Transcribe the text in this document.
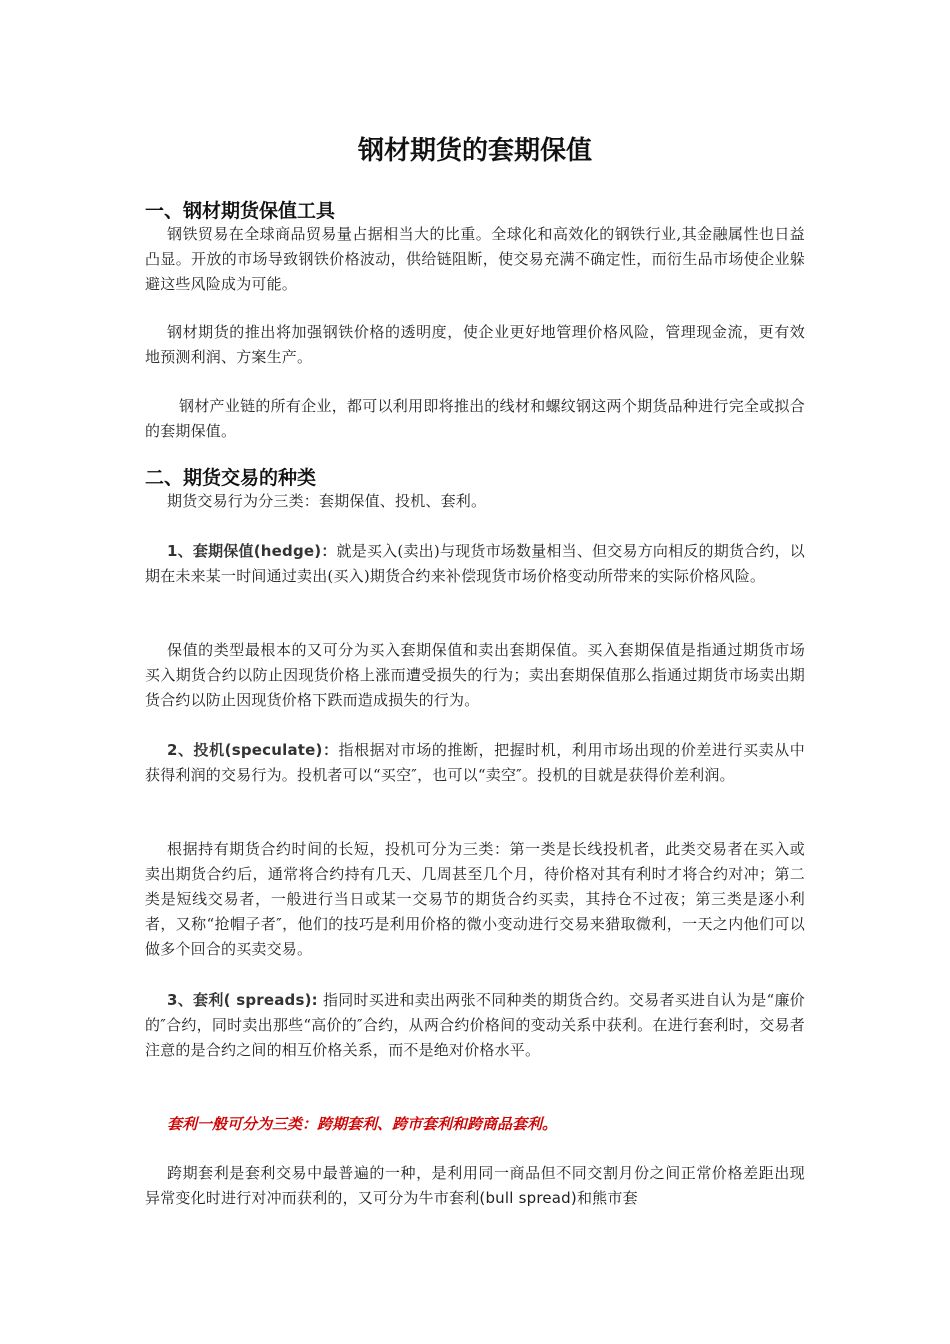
钢材期货的套期保值
一、钢材期货保值工具

钢铁贸易在全球商品贸易量占据相当大的比重。全球化和高效化的钢铁行业,其金融属性也日益凸显。开放的市场导致钢铁价格波动，供给链阻断，使交易充满不确定性，而衍生品市场使企业躲避这些风险成为可能。

钢材期货的推出将加强钢铁价格的透明度，使企业更好地管理价格风险，管理现金流，更有效地预测利润、方案生产。

钢材产业链的所有企业，都可以利用即将推出的线材和螺纹钢这两个期货品种进行完全或拟合的套期保值。

二、期货交易的种类

期货交易行为分三类：套期保值、投机、套利。

1、套期保值(hedge)：就是买入(卖出)与现货市场数量相当、但交易方向相反的期货合约，以期在未来某一时间通过卖出(买入)期货合约来补偿现货市场价格变动所带来的实际价格风险。

保值的类型最根本的又可分为买入套期保值和卖出套期保值。买入套期保值是指通过期货市场买入期货合约以防止因现货价格上涨而遭受损失的行为；卖出套期保值那么指通过期货市场卖出期货合约以防止因现货价格下跌而造成损失的行为。

2、投机(speculate)：指根据对市场的推断，把握时机，利用市场出现的价差进行买卖从中获得利润的交易行为。投机者可以“买空″，也可以“卖空″。投机的目就是获得价差利润。

根据持有期货合约时间的长短，投机可分为三类：第一类是长线投机者，此类交易者在买入或卖出期货合约后，通常将合约持有几天、几周甚至几个月，待价格对其有利时才将合约对冲；第二类是短线交易者，一般进行当日或某一交易节的期货合约买卖，其持仓不过夜；第三类是逐小利者，又称“抢帽子者″，他们的技巧是利用价格的微小变动进行交易来猎取微利，一天之内他们可以做多个回合的买卖交易。

3、套利( spreads): 指同时买进和卖出两张不同种类的期货合约。交易者买进自认为是“廉价的″合约，同时卖出那些“高价的″合约，从两合约价格间的变动关系中获利。在进行套利时，交易者注意的是合约之间的相互价格关系，而不是绝对价格水平。

套利一般可分为三类：跨期套利、跨市套利和跨商品套利。

跨期套利是套利交易中最普遍的一种，是利用同一商品但不同交割月份之间正常价格差距出现异常变化时进行对冲而获利的，又可分为牛市套利(bull spread)和熊市套
